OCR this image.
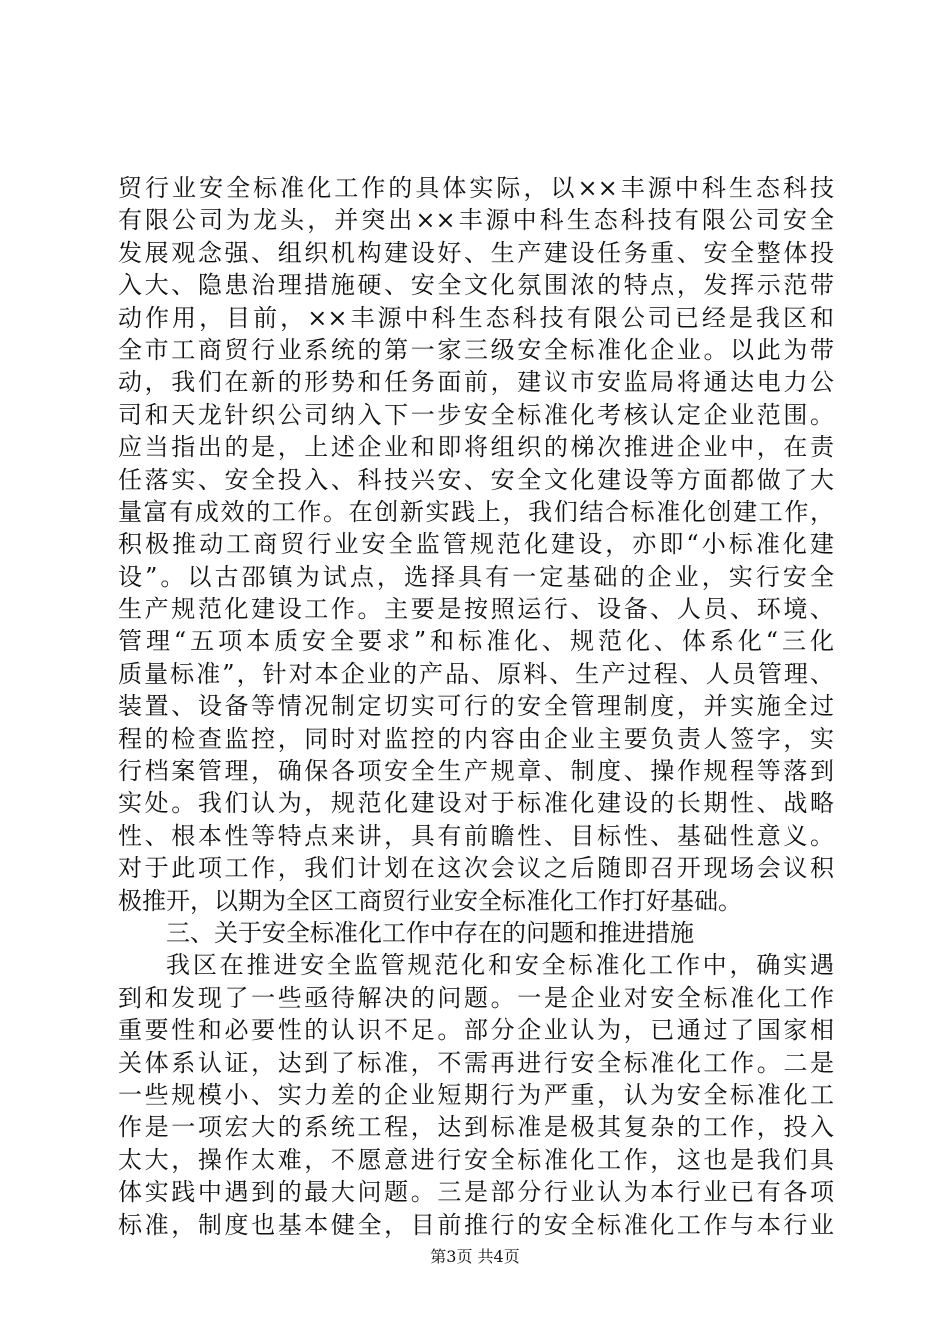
贸行业安全标准化工作的具体实际，以××丰源中科生态科技
有限公司为龙头，并突出××丰源中科生态科技有限公司安全
发展观念强、组织机构建设好、生产建设任务重、安全整体投
入大、隐患治理措施硬、安全文化氛围浓的特点，发挥示范带
动作用，目前，××丰源中科生态科技有限公司已经是我区和
全市工商贸行业系统的第一家三级安全标准化企业。以此为带
动，我们在新的形势和任务面前，建议市安监局将通达电力公
司和天龙针织公司纳入下一步安全标准化考核认定企业范围。
应当指出的是，上述企业和即将组织的梯次推进企业中，在责
任落实、安全投入、科技兴安、安全文化建设等方面都做了大
量富有成效的工作。在创新实践上，我们结合标准化创建工作，
积极推动工商贸行业安全监管规范化建设，亦即“小标准化建
设”。以古邵镇为试点，选择具有一定基础的企业，实行安全
生产规范化建设工作。主要是按照运行、设备、人员、环境、
管理“五项本质安全要求”和标准化、规范化、体系化“三化
质量标准”，针对本企业的产品、原料、生产过程、人员管理、
装置、设备等情况制定切实可行的安全管理制度，并实施全过
程的检查监控，同时对监控的内容由企业主要负责人签字，实
行档案管理，确保各项安全生产规章、制度、操作规程等落到
实处。我们认为，规范化建设对于标准化建设的长期性、战略
性、根本性等特点来讲，具有前瞻性、目标性、基础性意义。
对于此项工作，我们计划在这次会议之后随即召开现场会议积
极推开，以期为全区工商贸行业安全标准化工作打好基础。
三、关于安全标准化工作中存在的问题和推进措施
我区在推进安全监管规范化和安全标准化工作中，确实遇
到和发现了一些亟待解决的问题。一是企业对安全标准化工作
重要性和必要性的认识不足。部分企业认为，已通过了国家相
关体系认证，达到了标准，不需再进行安全标准化工作。二是
一些规模小、实力差的企业短期行为严重，认为安全标准化工
作是一项宏大的系统工程，达到标准是极其复杂的工作，投入
太大，操作太难，不愿意进行安全标准化工作，这也是我们具
体实践中遇到的最大问题。三是部分行业认为本行业已有各项
标准，制度也基本健全，目前推行的安全标准化工作与本行业
第3页 共4页
